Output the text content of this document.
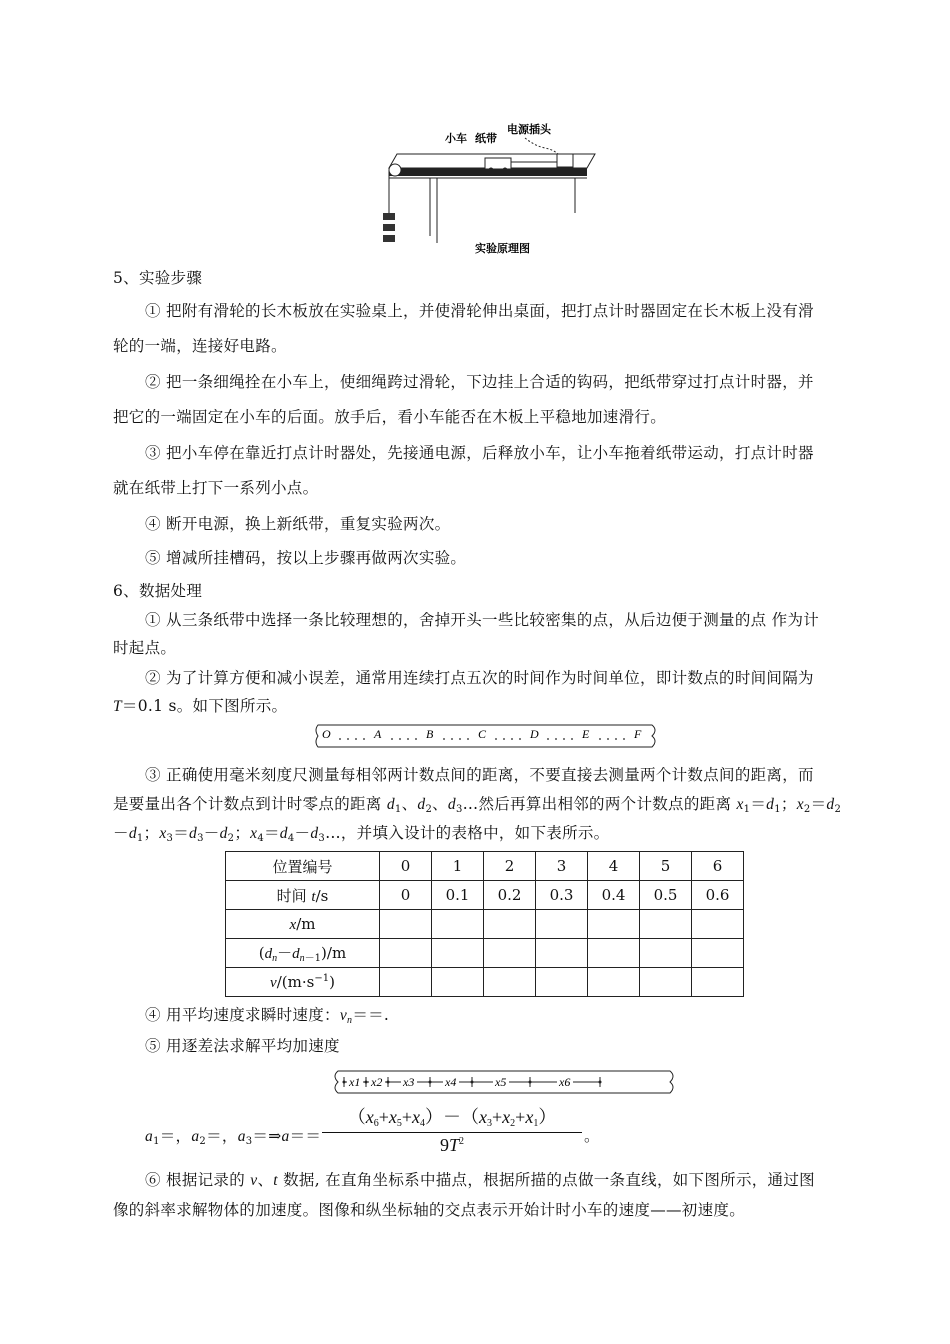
小车 纸带
电源插头
实验原理图
5、实验步骤
① 把附有滑轮的长木板放在实验桌上，并使滑轮伸出桌面，把打点计时器固定在长木板上没有滑
轮的一端，连接好电路。
② 把一条细绳拴在小车上，使细绳跨过滑轮，下边挂上合适的钩码，把纸带穿过打点计时器，并
把它的一端固定在小车的后面。放手后，看小车能否在木板上平稳地加速滑行。
③ 把小车停在靠近打点计时器处，先接通电源，后释放小车，让小车拖着纸带运动，打点计时器
就在纸带上打下一系列小点。
④ 断开电源，换上新纸带，重复实验两次。
⑤ 增减所挂槽码，按以上步骤再做两次实验。
6、数据处理
① 从三条纸带中选择一条比较理想的，舍掉开头一些比较密集的点，从后边便于测量的点 作为计
时起点。
② 为了计算方便和减小误差，通常用连续打点五次的时间作为时间单位，即计数点的时间间隔为
T＝0.1 s。如下图所示。
O	A	B	C	D	E	F
③ 正确使用毫米刻度尺测量每相邻两计数点间的距离，不要直接去测量两个计数点间的距离，而
是要量出各个计数点到计时零点的距离 $d_1$、$d_2$、$d_3\dots$然后再算出相邻的两个计数点的距离 $x_1=d_1$；$x_2=d_2$
$-d_1$；$x_3=d_3-d_2$；$x_4=d_4-d_3\dots$，并填入设计的表格中，如下表所示。
位置编号	0	1	2	3	4	5	6
时间 t/s	0	0.1	0.2	0.3	0.4	0.5	0.6
x/m							
$(d_n-d_{n-1})/m$							
$v/(m\cdot s^{-1})$							
④ 用平均速度求瞬时速度：$v_n==$.
⑤ 用逐差法求解平均加速度
x1 x2 x3	x4	x5	x6
$a_1=$，$a_2=$，$a_3=\Rightarrow a==$
$(x_6+x_5+x_4)-(x_3+x_2+x_1)$
$9T^2$	。
⑥ 根据记录的 v、t 数据, 在直角坐标系中描点，根据所描的点做一条直线，如下图所示，通过图
像的斜率求解物体的加速度。图像和纵坐标轴的交点表示开始计时小车的速度——初速度。
